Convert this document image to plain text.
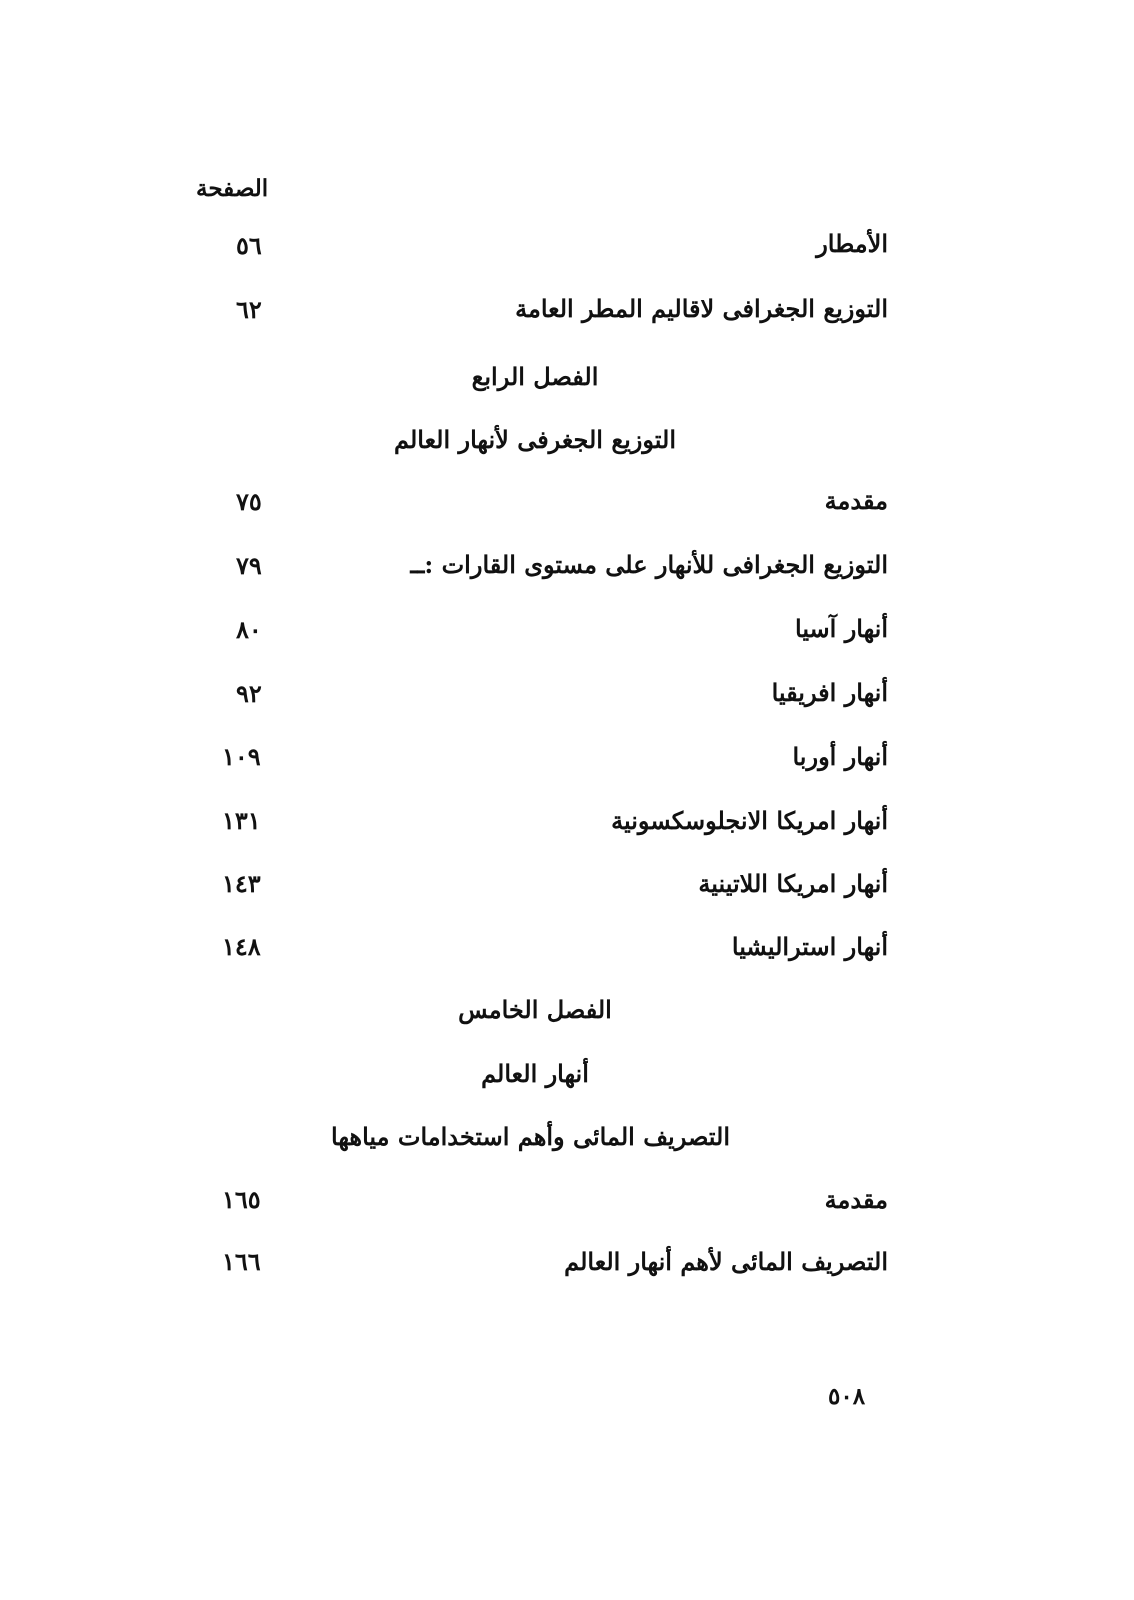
الصفحة
الأمطار
٥٦
التوزيع الجغرافى لاقاليم المطر العامة
٦٢
الفصل الرابع
التوزيع الجغرفى لأنهار العالم
مقدمة
٧٥
التوزيع الجغرافى للأنهار على مستوى القارات :ــ
٧٩
أنهار آسيا
٨٠
أنهار افريقيا
٩٢
أنهار أوربا
١٠٩
أنهار امريكا الانجلوسكسونية
١٣١
أنهار امريكا اللاتينية
١٤٣
أنهار استراليشيا
١٤٨
الفصل الخامس
أنهار العالم
التصريف المائى وأهم استخدامات مياهها
مقدمة
١٦٥
التصريف المائى لأهم أنهار العالم
١٦٦
٥٠٨
